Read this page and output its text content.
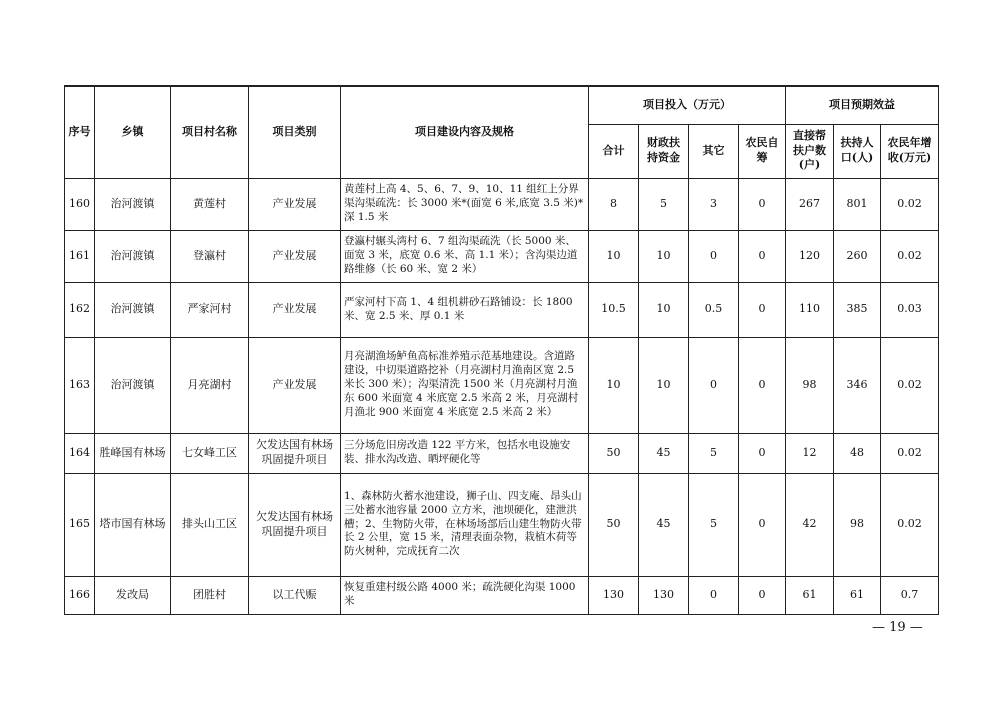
序号	乡镇	项目村名称	项目类别	项目建设内容及规格	项目投入（万元）				项目预期效益		
					合计	财政扶持资金	其它	农民自筹	直接帮扶户数(户)	扶持人口(人)	农民年增收(万元)
160	治河渡镇	黄莲村	产业发展	黄莲村上高 4、5、6、7、9、10、11 组红上分界渠沟渠疏洗：长 3000 米*(面宽 6 米,底宽 3.5 米)*深 1.5 米	8	5	3	0	267	801	0.02
161	治河渡镇	登瀛村	产业发展	登瀛村辗头湾村 6、7 组沟渠疏洗（长 5000 米、面宽 3 米，底宽 0.6 米、高 1.1 米）；含沟渠边道路维修（长 60 米、宽 2 米）	10	10	0	0	120	260	0.02
162	治河渡镇	严家河村	产业发展	严家河村下高 1、4 组机耕砂石路铺设：长 1800 米、宽 2.5 米、厚 0.1 米	10.5	10	0.5	0	110	385	0.03
163	治河渡镇	月亮湖村	产业发展	月亮湖渔场鲈鱼高标准养殖示范基地建设。含道路建设，中切渠道路挖补（月亮湖村月渔南区宽 2.5 米长 300 米）；沟渠清洗 1500 米（月亮湖村月渔东 600 米面宽 4 米底宽 2.5 米高 2 米，月亮湖村月渔北 900 米面宽 4 米底宽 2.5 米高 2 米）	10	10	0	0	98	346	0.02
164	胜峰国有林场	七女峰工区	欠发达国有林场巩固提升项目	三分场危旧房改造 122 平方米，包括水电设施安装、排水沟改造、晒坪硬化等	50	45	5	0	12	48	0.02
165	塔市国有林场	排头山工区	欠发达国有林场巩固提升项目	1、森林防火蓄水池建设，狮子山、四支庵、昂头山三处蓄水池容量 2000 立方米，池坝硬化，建泄洪槽；2、生物防火带，在林场场部后山建生物防火带长 2 公里，宽 15 米，清理表面杂物，栽植木荷等防火树种，完成抚育二次	50	45	5	0	42	98	0.02
166	发改局	团胜村	以工代赈	恢复重建村级公路 4000 米；疏洗硬化沟渠 1000 米	130	130	0	0	61	61	0.7
— 19 —
